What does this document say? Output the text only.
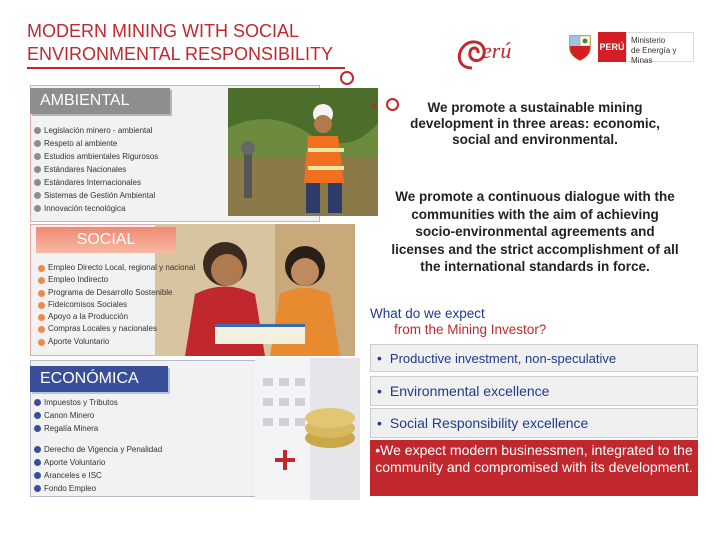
MODERN MINING WITH SOCIAL
ENVIRONMENTAL RESPONSIBILITY	erú	PERÚ
Ministerio
de Energía y Minas
AMBIENTAL
SOCIAL
ECONÓMICA
Legislación minero - ambiental
Respeto al ambiente
Estudios ambientales Rigurosos
Estándares Nacionales
Estándares Internacionales
Sistemas de Gestión Ambiental
Innovación tecnológica
Empleo Directo Local, regional y nacional
Empleo Indirecto
Programa de Desarrollo Sostenible
Fideicomisos Sociales
Apoyo a la Producción
Compras Locales y nacionales
Aporte Voluntario
Impuestos y Tributos
Canon Minero
Regalía Minera
Derecho de Vigencia y Penalidad
Aporte Voluntario
Aranceles e ISC
Fondo Empleo
We promote a sustainable mining development in three areas: economic, social and environmental.
We promote a continuous dialogue with the communities with the aim of achieving socio-environmental agreements and licenses and the strict accomplishment of all the international standards in force.
What do we expect
from the Mining Investor?
• Productive investment, non-speculative
• Environmental excellence
• Social Responsibility excellence
•We expect modern businessmen, integrated to the community and compromised with its development.
